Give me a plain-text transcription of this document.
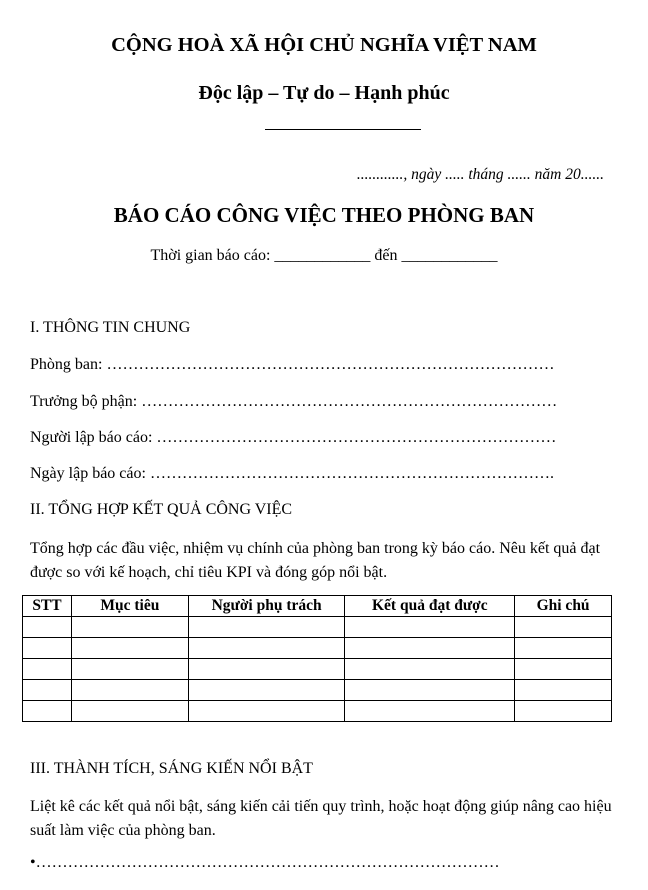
CỘNG HOÀ XÃ HỘI CHỦ NGHĨA VIỆT NAM
Độc lập – Tự do – Hạnh phúc
............, ngày ..... tháng ...... năm 20......
BÁO CÁO CÔNG VIỆC THEO PHÒNG BAN
Thời gian báo cáo: ____________ đến ____________
I. THÔNG TIN CHUNG
Phòng ban: …………………………………………………………………………
Trưởng bộ phận: ……………………………………………………………………
Người lập báo cáo: …………………………………………………………………
Ngày lập báo cáo: ………………………………………………………………….
II. TỔNG HỢP KẾT QUẢ CÔNG VIỆC
Tổng hợp các đầu việc, nhiệm vụ chính của phòng ban trong kỳ báo cáo. Nêu kết quả đạt được so với kế hoạch, chỉ tiêu KPI và đóng góp nổi bật.
STT	Mục tiêu	Người phụ trách	Kết quả đạt được	Ghi chú

III. THÀNH TÍCH, SÁNG KIẾN NỔI BẬT
Liệt kê các kết quả nổi bật, sáng kiến cải tiến quy trình, hoặc hoạt động giúp nâng cao hiệu suất làm việc của phòng ban.
•……………………………………………………………………………
